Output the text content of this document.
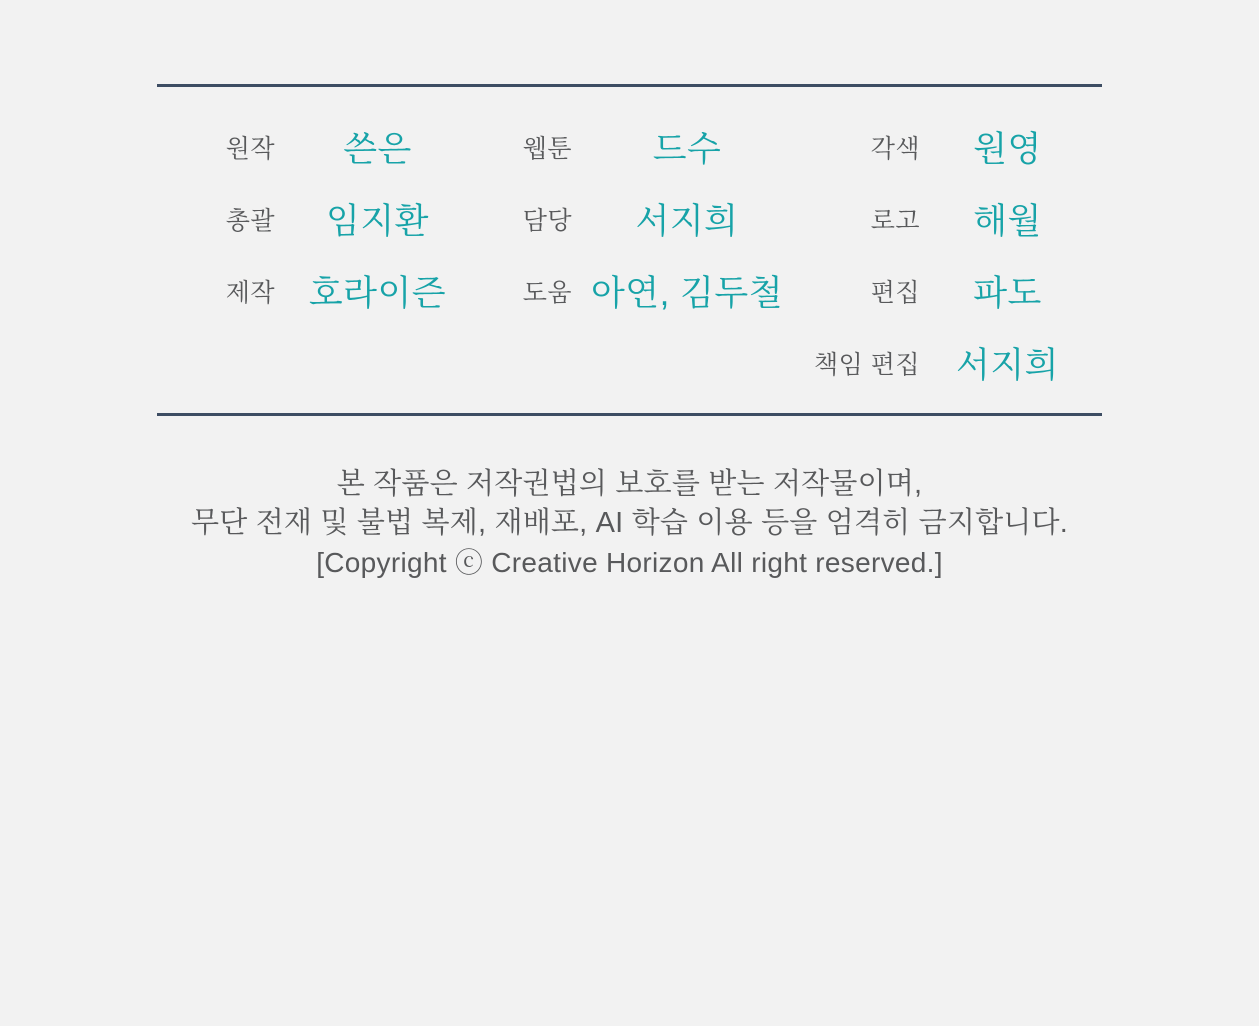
원작	쓴은	웹툰	드수	각색	원영
총괄	임지환	담당	서지희	로고	해월
제작 호라이즌	도움 아연, 김두철	편집	파도
책임 편집	서지희

본 작품은 저작권법의 보호를 받는 저작물이며,

무단 전재 및 불법 복제, 재배포, AI 학습 이용 등을 엄격히 금지합니다.

[Copyright ⓒ Creative Horizon All right reserved.]
